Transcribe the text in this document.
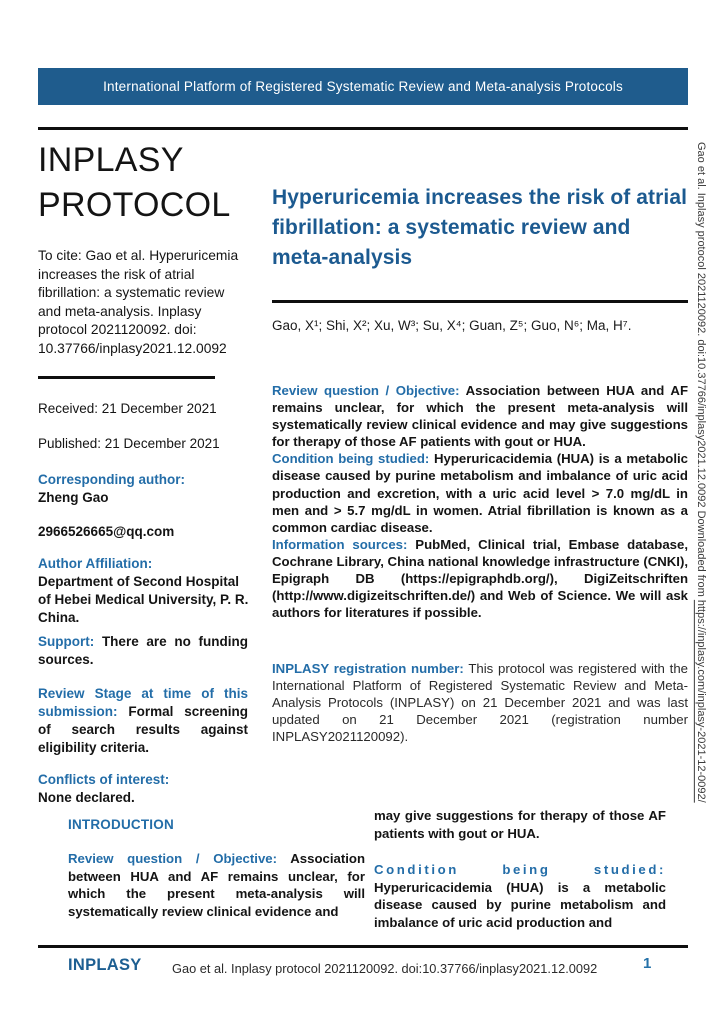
International Platform of Registered Systematic Review and Meta-analysis Protocols
INPLASY
PROTOCOL
To cite: Gao et al. Hyperuricemia increases the risk of atrial fibrillation: a systematic review and meta-analysis. Inplasy protocol 2021120092. doi: 10.37766/inplasy2021.12.0092
Received: 21 December 2021
Published: 21 December 2021
Corresponding author:
Zheng Gao
2966526665@qq.com
Author Affiliation:
Department of Second Hospital of Hebei Medical University, P. R. China.
Support: There are no funding sources.
Review Stage at time of this submission: Formal screening of search results against eligibility criteria.
Conflicts of interest:
None declared.
Hyperuricemia increases the risk of atrial fibrillation: a systematic review and meta-analysis
Gao, X¹; Shi, X²; Xu, W³; Su, X⁴; Guan, Z⁵; Guo, N⁶; Ma, H⁷.

Review question / Objective: Association between HUA and AF remains unclear, for which the present meta-analysis will systematically review clinical evidence and may give suggestions for therapy of those AF patients with gout or HUA.

Condition being studied: Hyperuricacidemia (HUA) is a metabolic disease caused by purine metabolism and imbalance of uric acid production and excretion, with a uric acid level > 7.0 mg/dL in men and > 5.7 mg/dL in women. Atrial fibrillation is known as a common cardiac disease.

Information sources: PubMed, Clinical trial, Embase database, Cochrane Library, China national knowledge infrastructure (CNKI), Epigraph DB (https://epigraphdb.org/), DigiZeitschriften (http://www.digizeitschriften.de/) and Web of Science. We will ask authors for literatures if possible.

INPLASY registration number: This protocol was registered with the International Platform of Registered Systematic Review and Meta-Analysis Protocols (INPLASY) on 21 December 2021 and was last updated on 21 December 2021 (registration number INPLASY2021120092).

INTRODUCTION
Review question / Objective: Association between HUA and AF remains unclear, for which the present meta-analysis will systematically review clinical evidence and

may give suggestions for therapy of those AF patients with gout or HUA.

Condition being studied: Hyperuricacidemia (HUA) is a metabolic disease caused by purine metabolism and imbalance of uric acid production and

INPLASY Gao et al. Inplasy protocol 2021120092. doi:10.37766/inplasy2021.12.0092	1
Gao et al. Inplasy protocol 2021120092. doi:10.37766/inplasy2021.12.0092 Downloaded from https://inplasy.com/inplasy-2021-12-0092/
